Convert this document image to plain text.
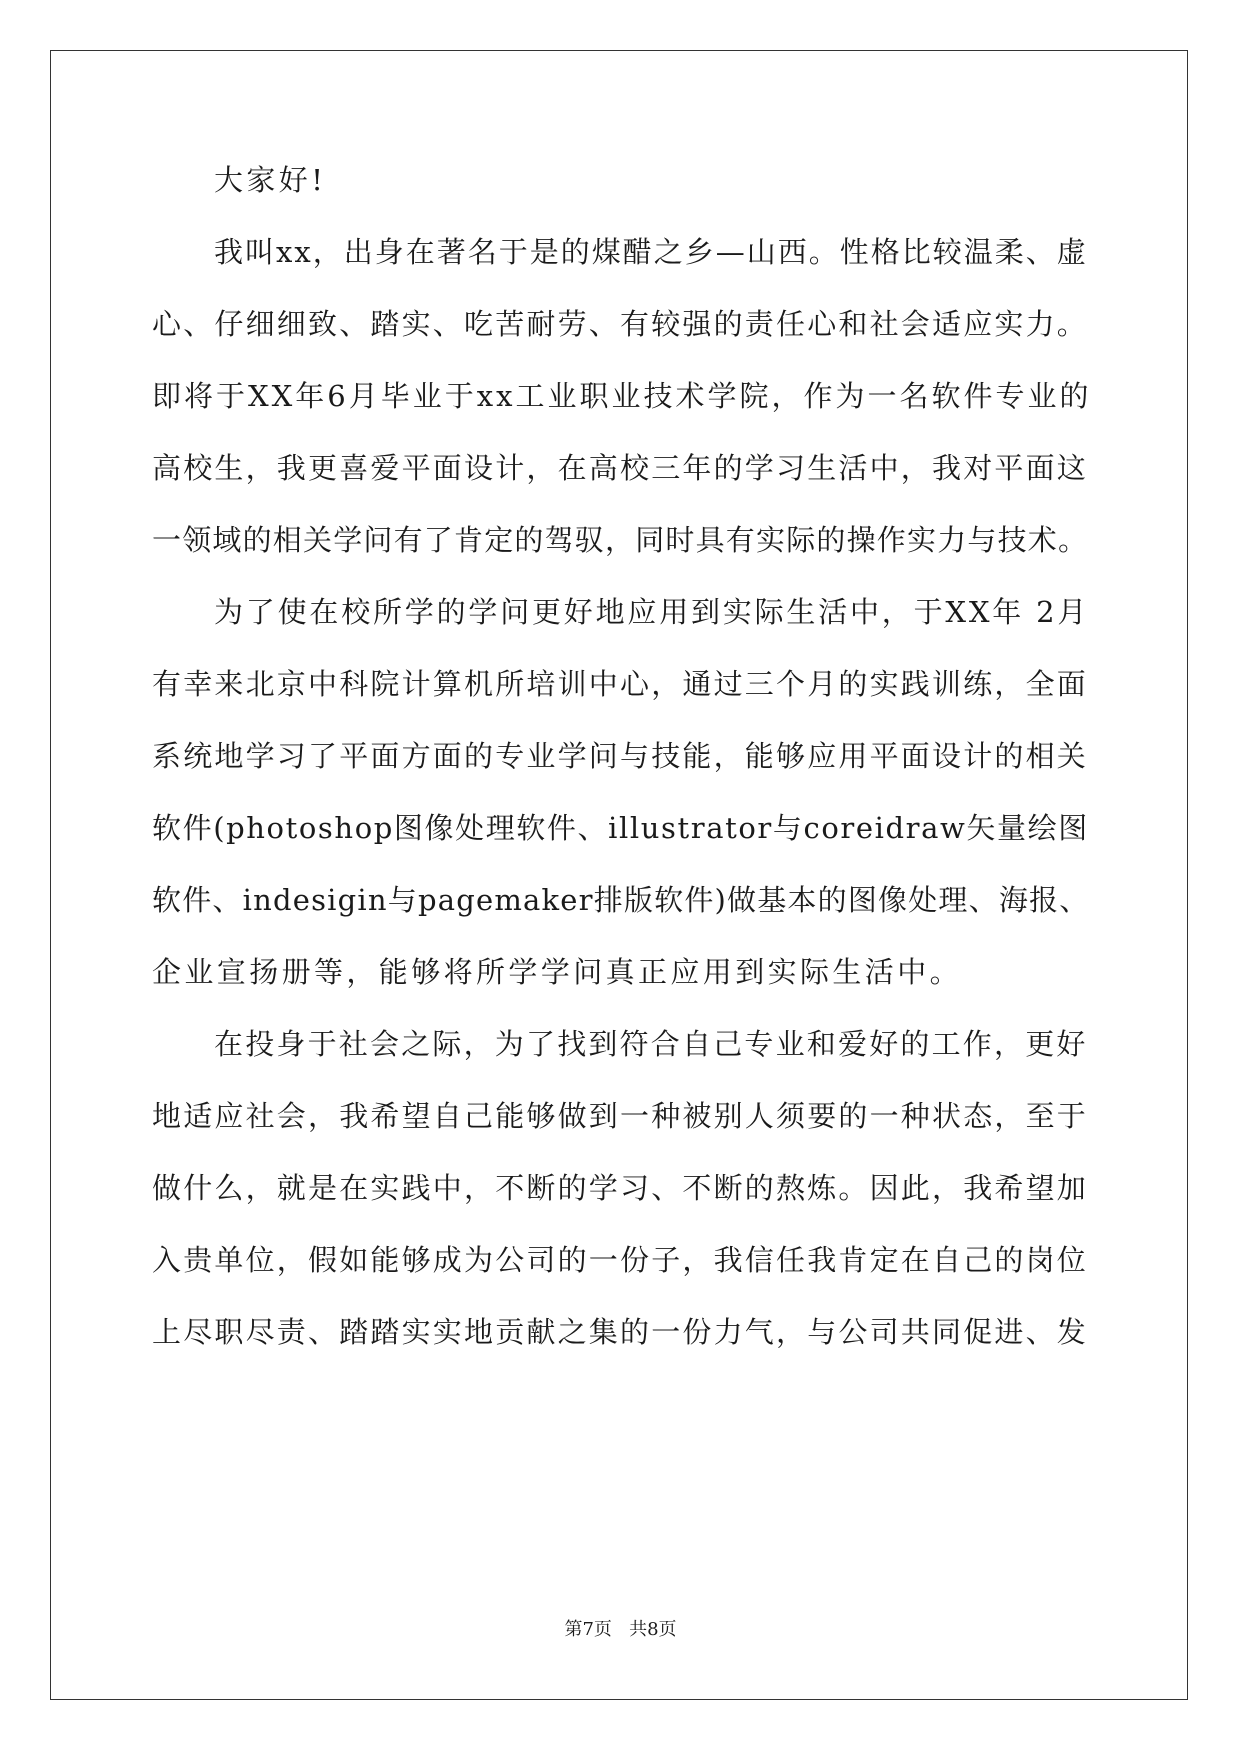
大家好!
我叫xx，出身在著名于是的煤醋之乡—山西。性格比较温柔、虚
心、仔细细致、踏实、吃苦耐劳、有较强的责任心和社会适应实力。
即将于XX年6月毕业于xx工业职业技术学院，作为一名软件专业的
高校生，我更喜爱平面设计，在高校三年的学习生活中，我对平面这
一领域的相关学问有了肯定的驾驭，同时具有实际的操作实力与技术。
为了使在校所学的学问更好地应用到实际生活中，于XX年 2月
有幸来北京中科院计算机所培训中心，通过三个月的实践训练，全面
系统地学习了平面方面的专业学问与技能，能够应用平面设计的相关
软件(photoshop图像处理软件、illustrator与coreidraw矢量绘图
软件、indesigin与pagemaker排版软件)做基本的图像处理、海报、
企业宣扬册等，能够将所学学问真正应用到实际生活中。
在投身于社会之际，为了找到符合自己专业和爱好的工作，更好
地适应社会，我希望自己能够做到一种被别人须要的一种状态，至于
做什么，就是在实践中，不断的学习、不断的熬炼。因此，我希望加
入贵单位，假如能够成为公司的一份子，我信任我肯定在自己的岗位
上尽职尽责、踏踏实实地贡献之集的一份力气，与公司共同促进、发
第7页   共8页
